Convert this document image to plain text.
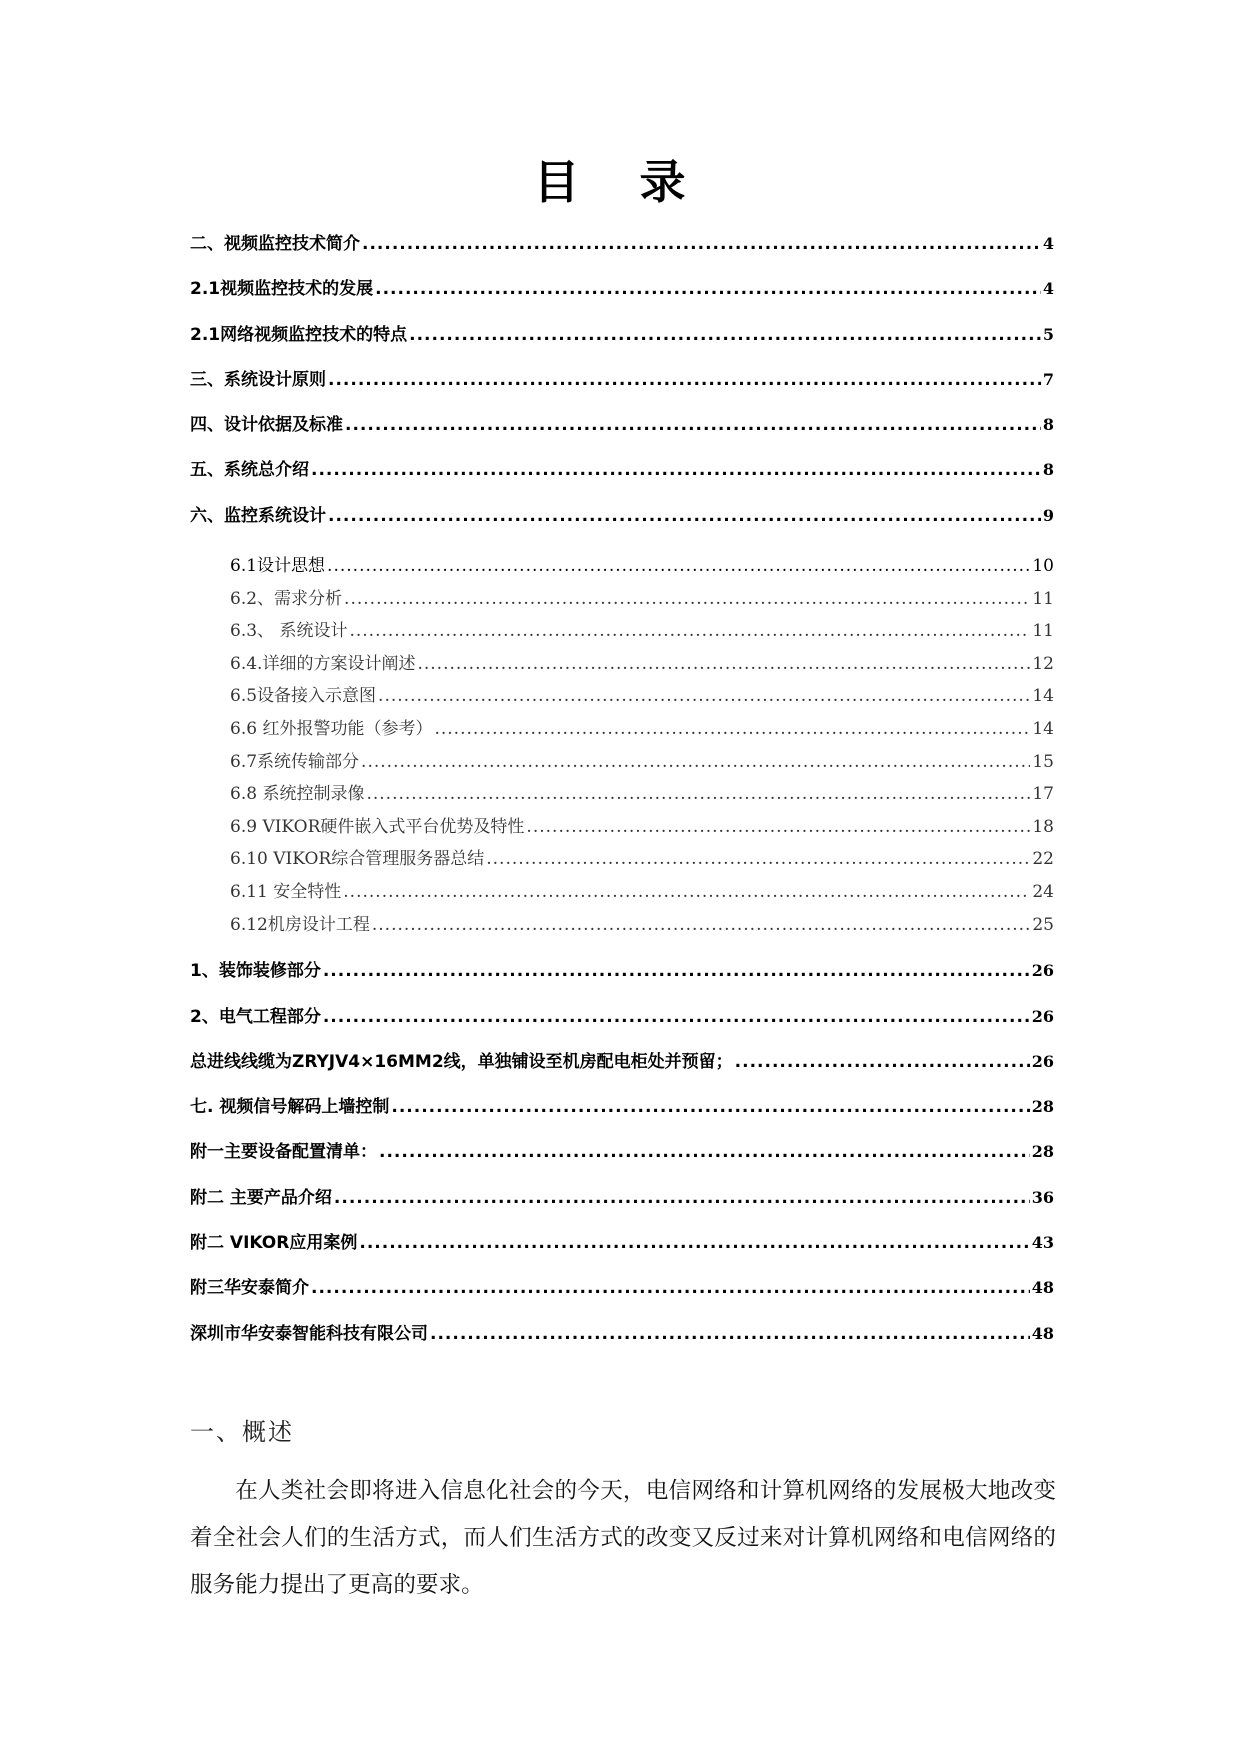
目 录
二、视频监控技术简介 .....	4
2.1视频监控技术的发展 .....	4
2.1网络视频监控技术的特点 .....	5
三、系统设计原则 .....	7
四、设计依据及标准 .....	8
五、系统总介绍 .....	8
六、监控系统设计 .....	9
6.1设计思想 .....	10
6.2、需求分析 .....	11
6.3、 系统设计 .....	11
6.4.详细的方案设计阐述 .....	12
6.5设备接入示意图 .....	14
6.6 红外报警功能（参考） .....	14
6.7系统传输部分 .....	15
6.8 系统控制录像 .....	17
6.9 VIKOR硬件嵌入式平台优势及特性 .....	18
6.10 VIKOR综合管理服务器总结 .....	22
6.11 安全特性 .....	24
6.12机房设计工程 .....	25
1、装饰装修部分 .....	26
2、电气工程部分 .....	26
总进线线缆为ZRYJV4×16MM2线，单独铺设至机房配电柜处并预留； .....	26
七. 视频信号解码上墙控制 .....	28
附一主要设备配置清单： .....	28
附二 主要产品介绍 .....	36
附二 VIKOR应用案例 .....	43
附三华安泰简介 .....	48
深圳市华安泰智能科技有限公司 .....	48
一、概述
在人类社会即将进入信息化社会的今天，电信网络和计算机网络的发展极大地改变着全社会人们的生活方式，而人们生活方式的改变又反过来对计算机网络和电信网络的服务能力提出了更高的要求。
